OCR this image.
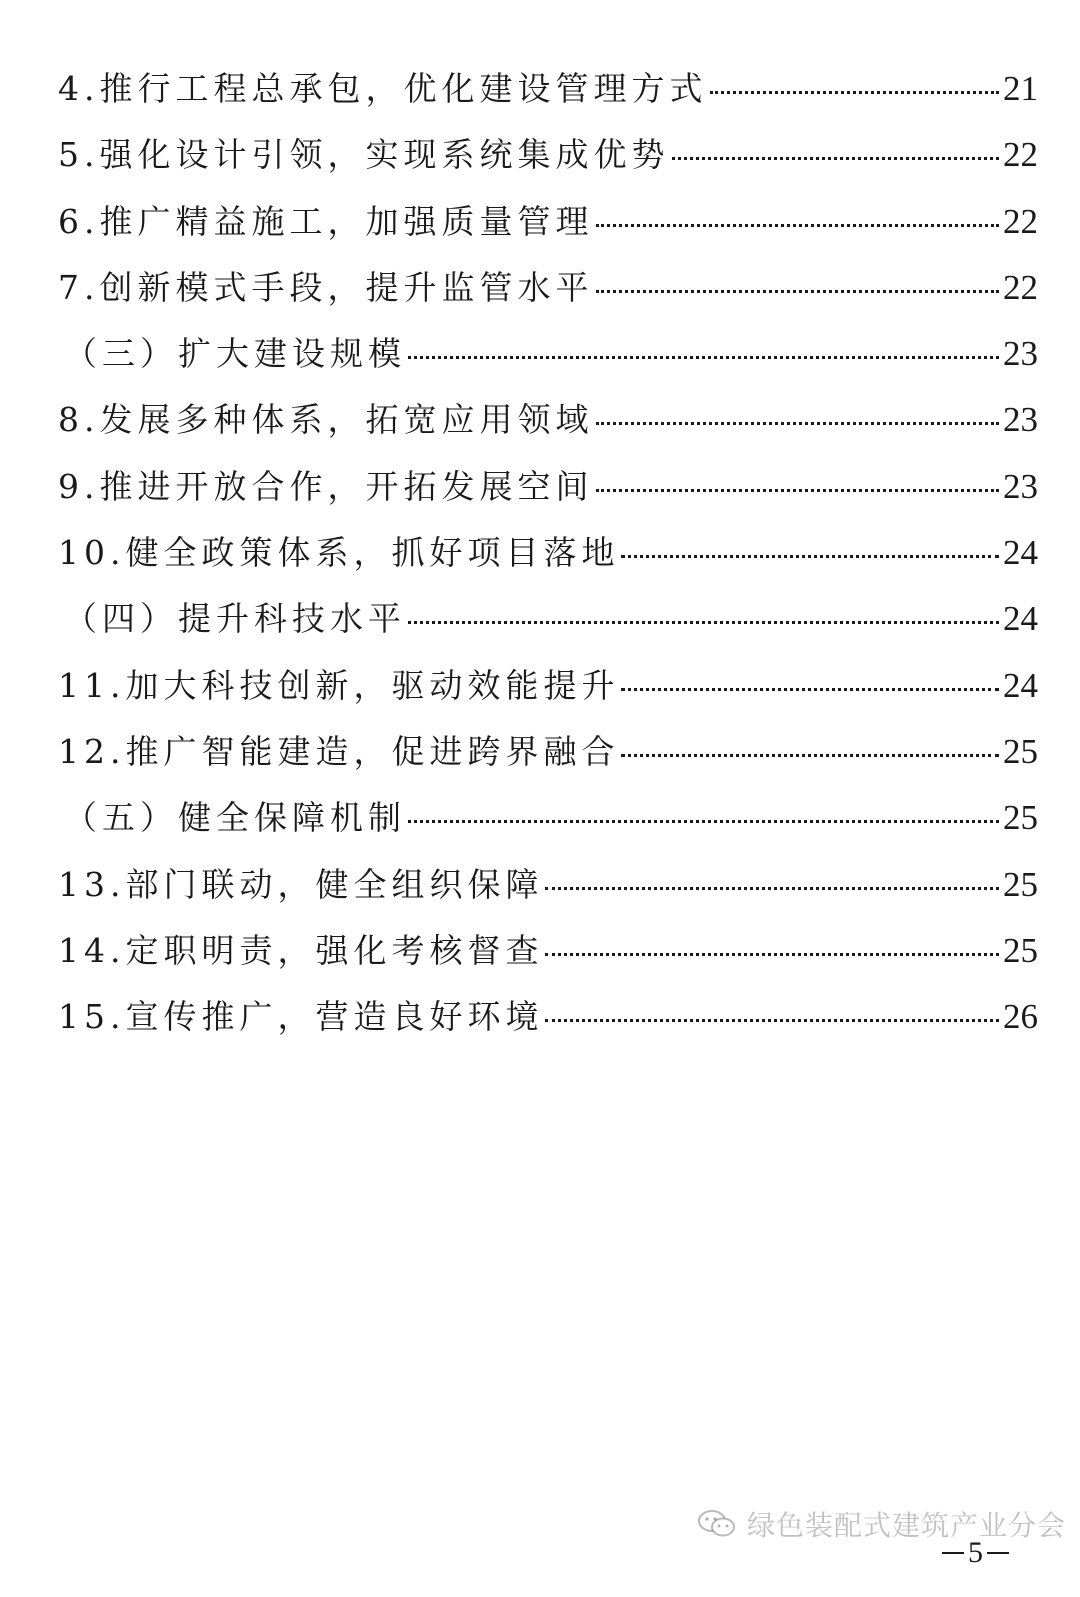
4.推行工程总承包，优化建设管理方式	21
5.强化设计引领，实现系统集成优势	22
6.推广精益施工，加强质量管理	22
7.创新模式手段，提升监管水平	22
（三）扩大建设规模	23
8.发展多种体系，拓宽应用领域	23
9.推进开放合作，开拓发展空间	23
10.健全政策体系，抓好项目落地	24
（四）提升科技水平	24
11.加大科技创新，驱动效能提升	24
12.推广智能建造，促进跨界融合	25
（五）健全保障机制	25
13.部门联动，健全组织保障	25
14.定职明责，强化考核督查	25
15.宣传推广，营造良好环境	26
绿色装配式建筑产业分会
5
